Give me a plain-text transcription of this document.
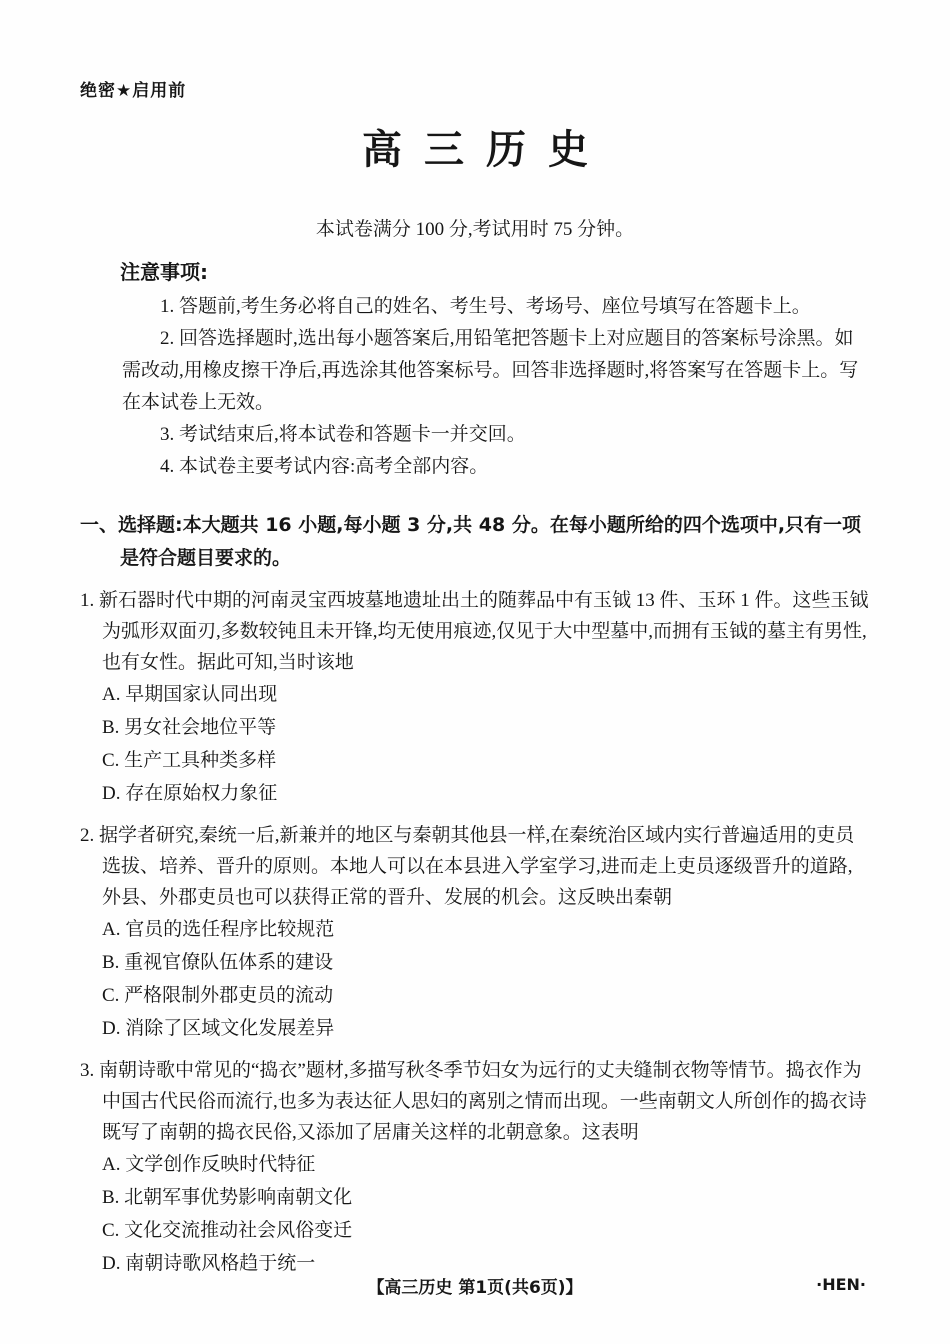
绝密★启用前
高三历史
本试卷满分 100 分,考试用时 75 分钟。
注意事项:

1. 答题前,考生务必将自己的姓名、考生号、考场号、座位号填写在答题卡上。

2. 回答选择题时,选出每小题答案后,用铅笔把答题卡上对应题目的答案标号涂黑。如需改动,用橡皮擦干净后,再选涂其他答案标号。回答非选择题时,将答案写在答题卡上。写在本试卷上无效。

3. 考试结束后,将本试卷和答题卡一并交回。

4. 本试卷主要考试内容:高考全部内容。

一、选择题:本大题共 16 小题,每小题 3 分,共 48 分。在每小题所给的四个选项中,只有一项是符合题目要求的。

1. 新石器时代中期的河南灵宝西坡墓地遗址出土的随葬品中有玉钺 13 件、玉环 1 件。这些玉钺为弧形双面刃,多数较钝且未开锋,均无使用痕迹,仅见于大中型墓中,而拥有玉钺的墓主有男性,也有女性。据此可知,当时该地

A. 早期国家认同出现
B. 男女社会地位平等
C. 生产工具种类多样
D. 存在原始权力象征

2. 据学者研究,秦统一后,新兼并的地区与秦朝其他县一样,在秦统治区域内实行普遍适用的吏员选拔、培养、晋升的原则。本地人可以在本县进入学室学习,进而走上吏员逐级晋升的道路,外县、外郡吏员也可以获得正常的晋升、发展的机会。这反映出秦朝

A. 官员的选任程序比较规范
B. 重视官僚队伍体系的建设
C. 严格限制外郡吏员的流动
D. 消除了区域文化发展差异

3. 南朝诗歌中常见的“捣衣”题材,多描写秋冬季节妇女为远行的丈夫缝制衣物等情节。捣衣作为中国古代民俗而流行,也多为表达征人思妇的离别之情而出现。一些南朝文人所创作的捣衣诗既写了南朝的捣衣民俗,又添加了居庸关这样的北朝意象。这表明

A. 文学创作反映时代特征
B. 北朝军事优势影响南朝文化
C. 文化交流推动社会风俗变迁
D. 南朝诗歌风格趋于统一
【高三历史 第1页(共6页)】	·HEN·
